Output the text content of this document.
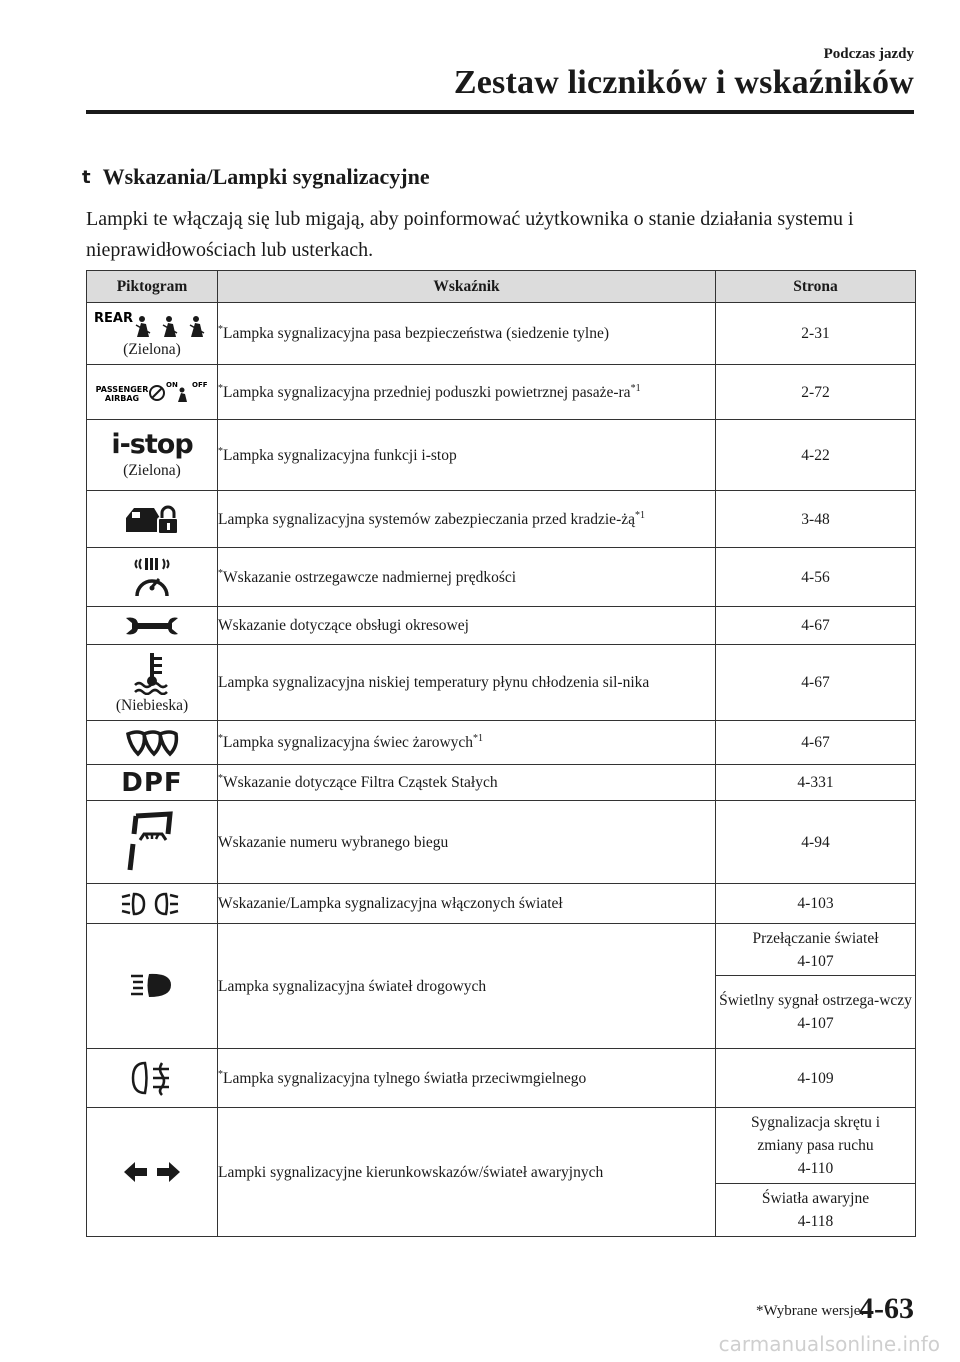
Podczas jazdy
Zestaw liczników i wskaźników
t Wskazania/Lampki sygnalizacyjne
Lampki te włączają się lub migają, aby poinformować użytkownika o stanie działania systemu i nieprawidłowościach lub usterkach.
Piktogram	Wskaźnik	Strona

REAR
(Zielona)	*Lampka sygnalizacyjna pasa bezpieczeństwa (siedzenie tylne)	2-31

PASSENGER
AIRBAG
ON OFF	*Lampka sygnalizacyjna przedniej poduszki powietrznej pasaże-$ra^{*1}$	2-72

i-stop
(Zielona)	*Lampka sygnalizacyjna funkcji i-stop	4-22

	Lampka sygnalizacyjna systemów zabezpieczania przed kradzie-$żą^{*1}$	3-48

	*Wskazanie ostrzegawcze nadmiernej prędkości	4-56

	Wskazanie dotyczące obsługi okresowej	4-67

(Niebieska)	Lampka sygnalizacyjna niskiej temperatury płynu chłodzenia sil-nika	4-67

	*Lampka sygnalizacyjna świec żarowych$^{*1}$	4-67

DPF	*Wskazanie dotyczące Filtra Cząstek Stałych	4-331

	Wskazanie numeru wybranego biegu	4-94

	Wskazanie/Lampka sygnalizacyjna włączonych świateł	4-103

	Lampka sygnalizacyjna świateł drogowych	Przełączanie świateł
4-107

		Świetlny sygnał ostrzega-wczy
4-107

	*Lampka sygnalizacyjna tylnego światła przeciwmgielnego	4-109

	Lampki sygnalizacyjne kierunkowskazów/świateł awaryjnych	Sygnalizacja skrętu i zmiany pasa ruchu
4-110

		Światła awaryjne
4-118
*Wybrane wersje.
4-63
carmanualsonline.info
